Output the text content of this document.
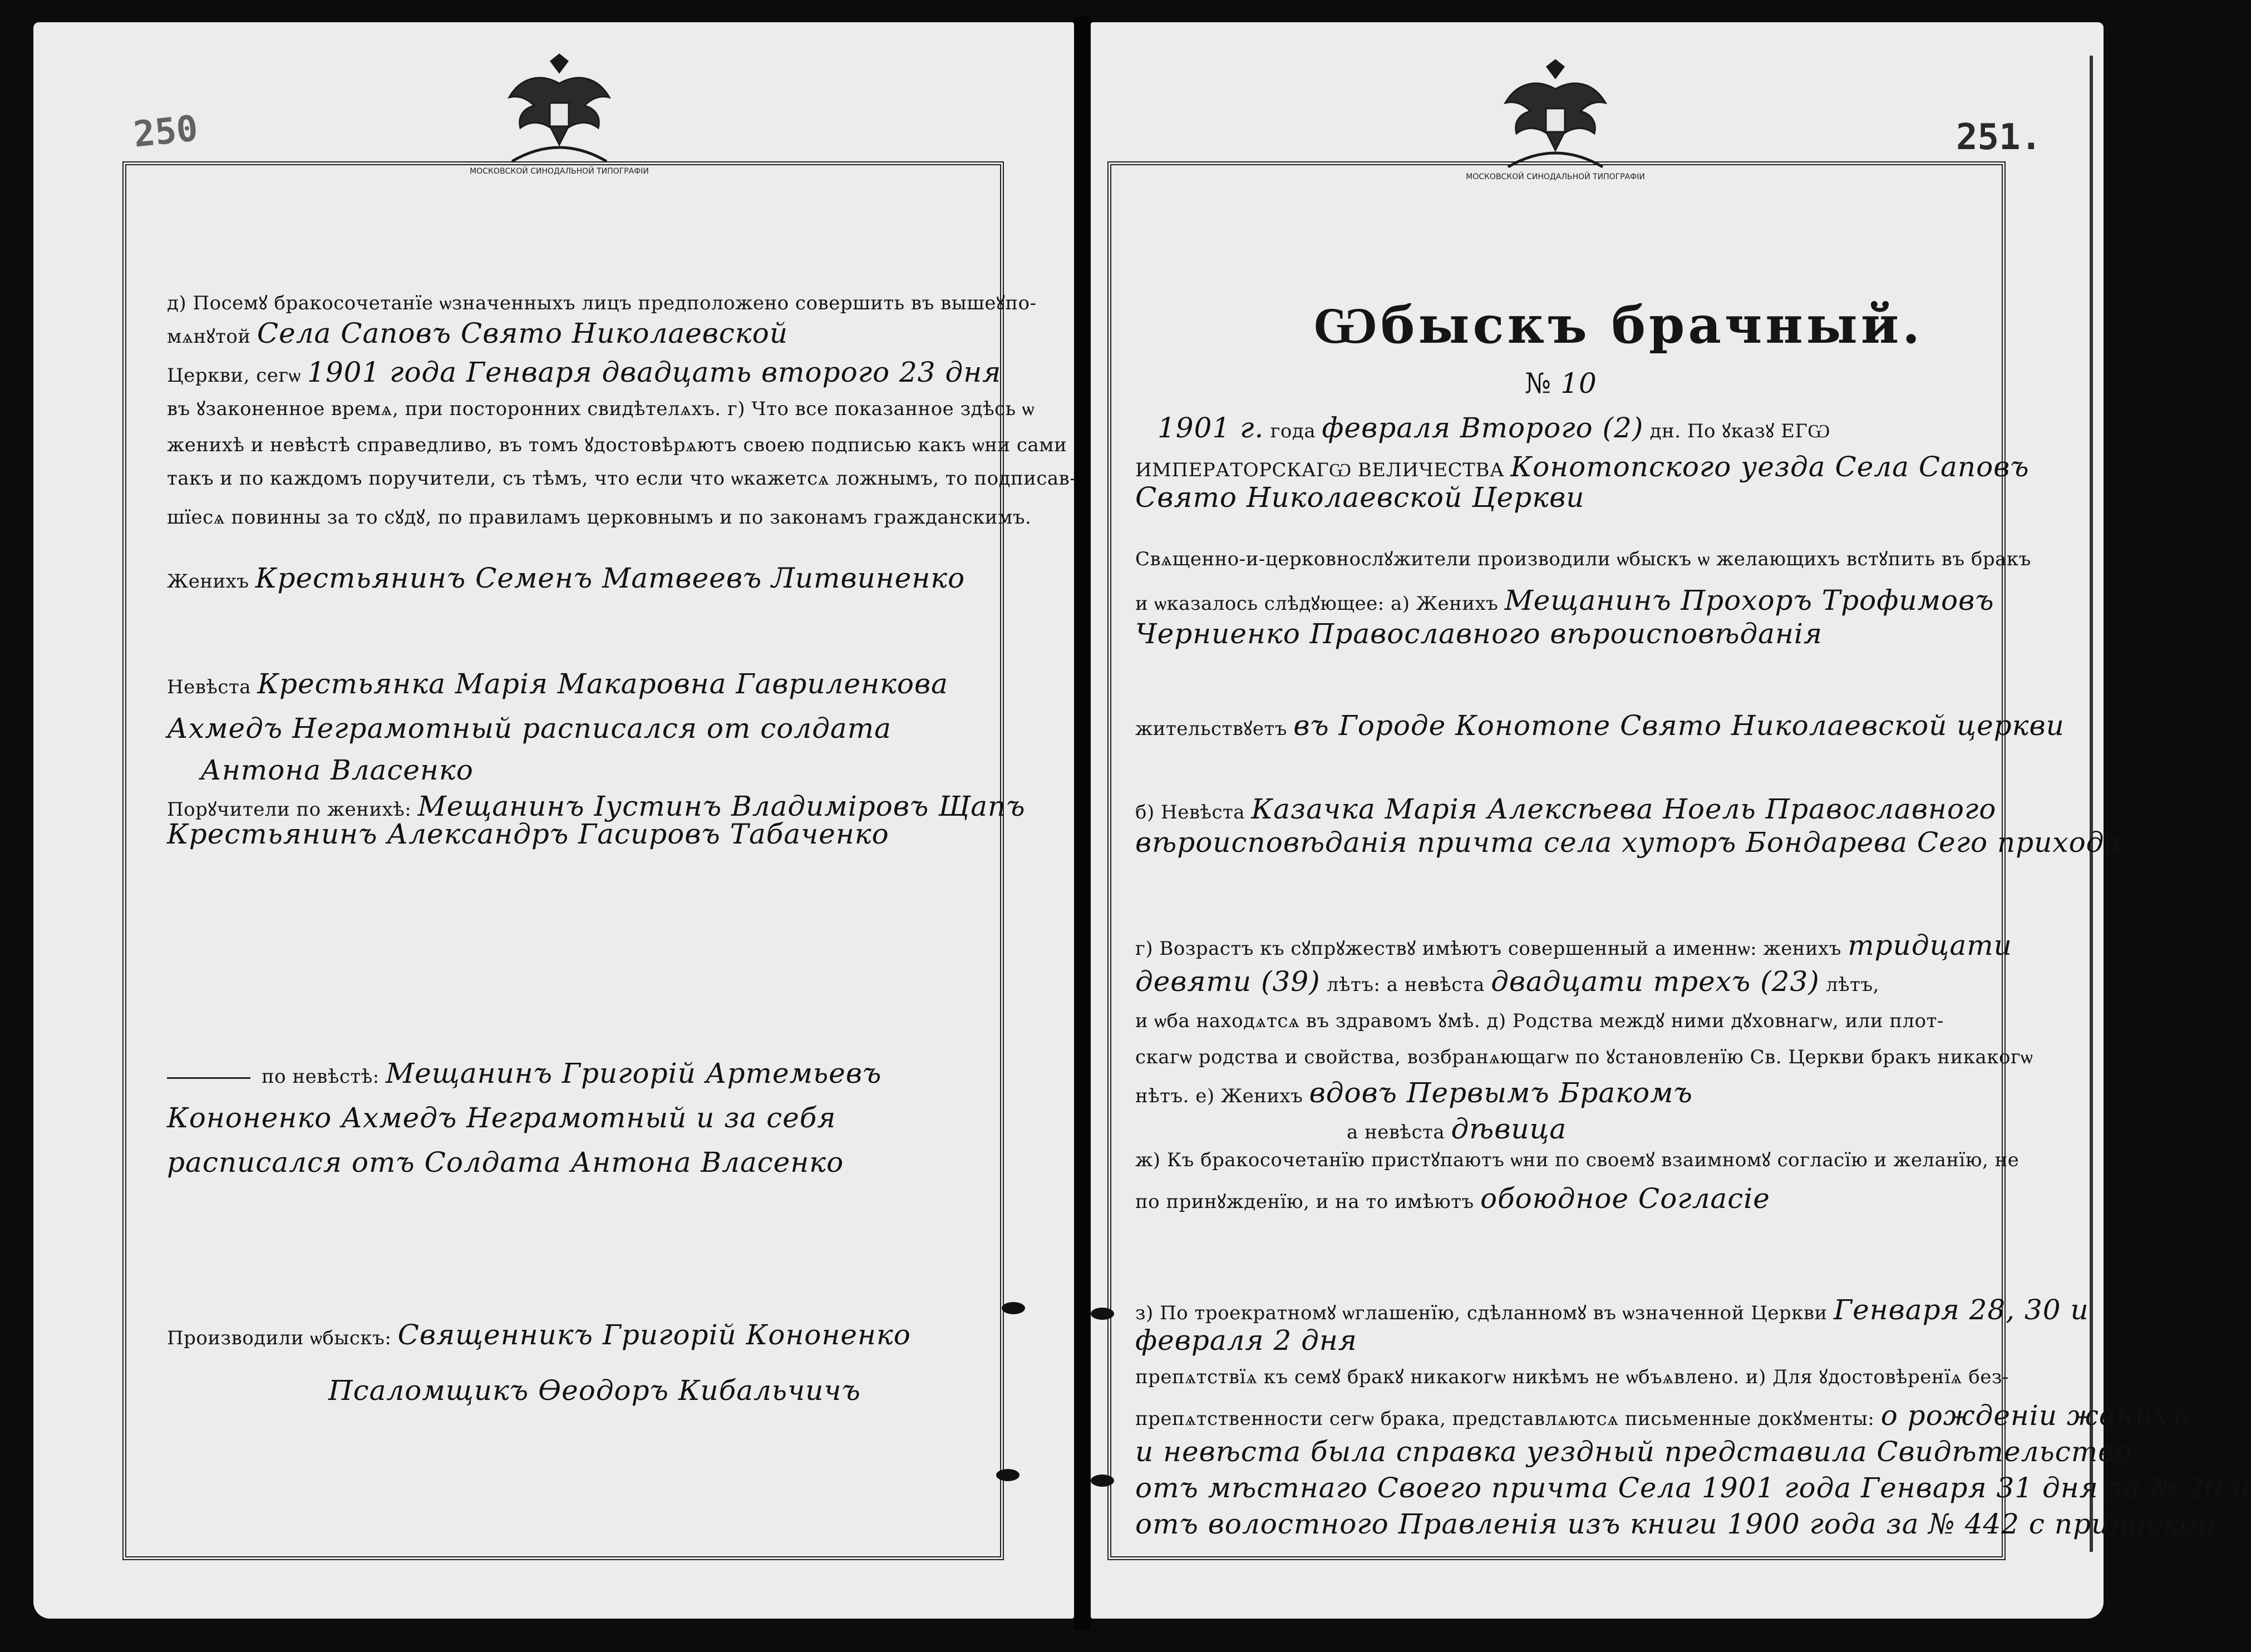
250
МОСКОВСКОЙ СИНОДАЛЬНОЙ ТИПОГРАФІИ
д) Посемꙋ бракосочетанїе ѡзначенныхъ лицъ предположено совершить въ вышеꙋпо-
мѧнꙋтой Села Саповъ Свято Николаевской
Церкви, сегѡ 1901 года Генваря двадцать второго 23 дня
въ ꙋзаконенное времѧ, при посторонних свидѣтелѧхъ. г) Что все показанное здѣсь ѡ
женихѣ и невѣстѣ справедливо, въ томъ ꙋдостовѣрѧютъ своею подписью какъ ѡни сами
такъ и по каждомъ поручители, съ тѣмъ, что если что ѡкажетсѧ ложнымъ, то подписав-
шїесѧ повинны за то сꙋдꙋ, по правиламъ церковнымъ и по законамъ гражданскимъ.
Женихъ Крестьянинъ Семенъ Матвеевъ Литвиненко
Невѣста Крестьянка Марія Макаровна Гавриленкова
Ахмедъ Неграмотный расписался от солдата
Антона Власенко
Порꙋчители по женихѣ: Мещанинъ Іустинъ Владиміровъ Щапъ
Крестьянинъ Александръ Гасировъ Табаченко
по невѣстѣ: Мещанинъ Григорій Артемьевъ
Кононенко Ахмедъ Неграмотный и за себя
расписался отъ Солдата Антона Власенко
Производили ѡбыскъ: Священникъ Григорій Кононенко
Псаломщикъ Өеодоръ Кибальчичъ
251.
МОСКОВСКОЙ СИНОДАЛЬНОЙ ТИПОГРАФІИ
Ѡбыскъ брачный.
№ 10
1901 г. года февраля Второго (2) дн. По ꙋказꙋ ЕГѠ
ИМПЕРАТОРСКАГѠ ВЕЛИЧЕСТВА Конотопского уезда Села Саповъ
Свято Николаевской Церкви
Свѧщенно-и-церковнослꙋжители производили ѡбыскъ ѡ желающихъ встꙋпить въ бракъ
и ѡказалось слѣдꙋющее: а) Женихъ Мещанинъ Прохоръ Трофимовъ
Черниенко Православного вѣроисповѣданія
жительствꙋетъ въ Городе Конотопе Свято Николаевской церкви
б) Невѣста Казачка Марія Алексѣева Ноель Православного
вѣроисповѣданія причта села хуторъ Бондарева Сего прихода
г) Возрастъ къ сꙋпрꙋжествꙋ имѣютъ совершенный а именнѡ: женихъ тридцати
девяти (39) лѣтъ: а невѣста двадцати трехъ (23) лѣтъ,
и ѡба находѧтсѧ въ здравомъ ꙋмѣ. д) Родства междꙋ ними дꙋховнагѡ, или плот-
скагѡ родства и свойства, возбранѧющагѡ по ꙋстановленїю Св. Церкви бракъ никакогѡ
нѣтъ. е) Женихъ вдовъ Первымъ Бракомъ
а невѣста дѣвица
ж) Къ бракосочетанїю пристꙋпаютъ ѡни по своемꙋ взаимномꙋ согласїю и желанїю, не
по принꙋжденїю, и на то имѣютъ обоюдное Согласіе
з) По троекратномꙋ ѡглашенїю, сдѣланномꙋ въ ѡзначенной Церкви Генваря 28, 30 и
февраля 2 дня
препѧтствїѧ къ семꙋ бракꙋ никакогѡ никѣмъ не ѡбъѧвлено. и) Для ꙋдостовѣренїѧ без-
препѧтственности сегѡ брака, представлѧютсѧ письменные докꙋменты: о рожденіи женихъ
и невѣста была справка уездный представила Свидѣтельство
отъ мѣстнаго Своего причта Села 1901 года Генваря 31 дня за № 20 и
отъ волостного Правленія изъ книги 1900 года за № 442 с припиской
